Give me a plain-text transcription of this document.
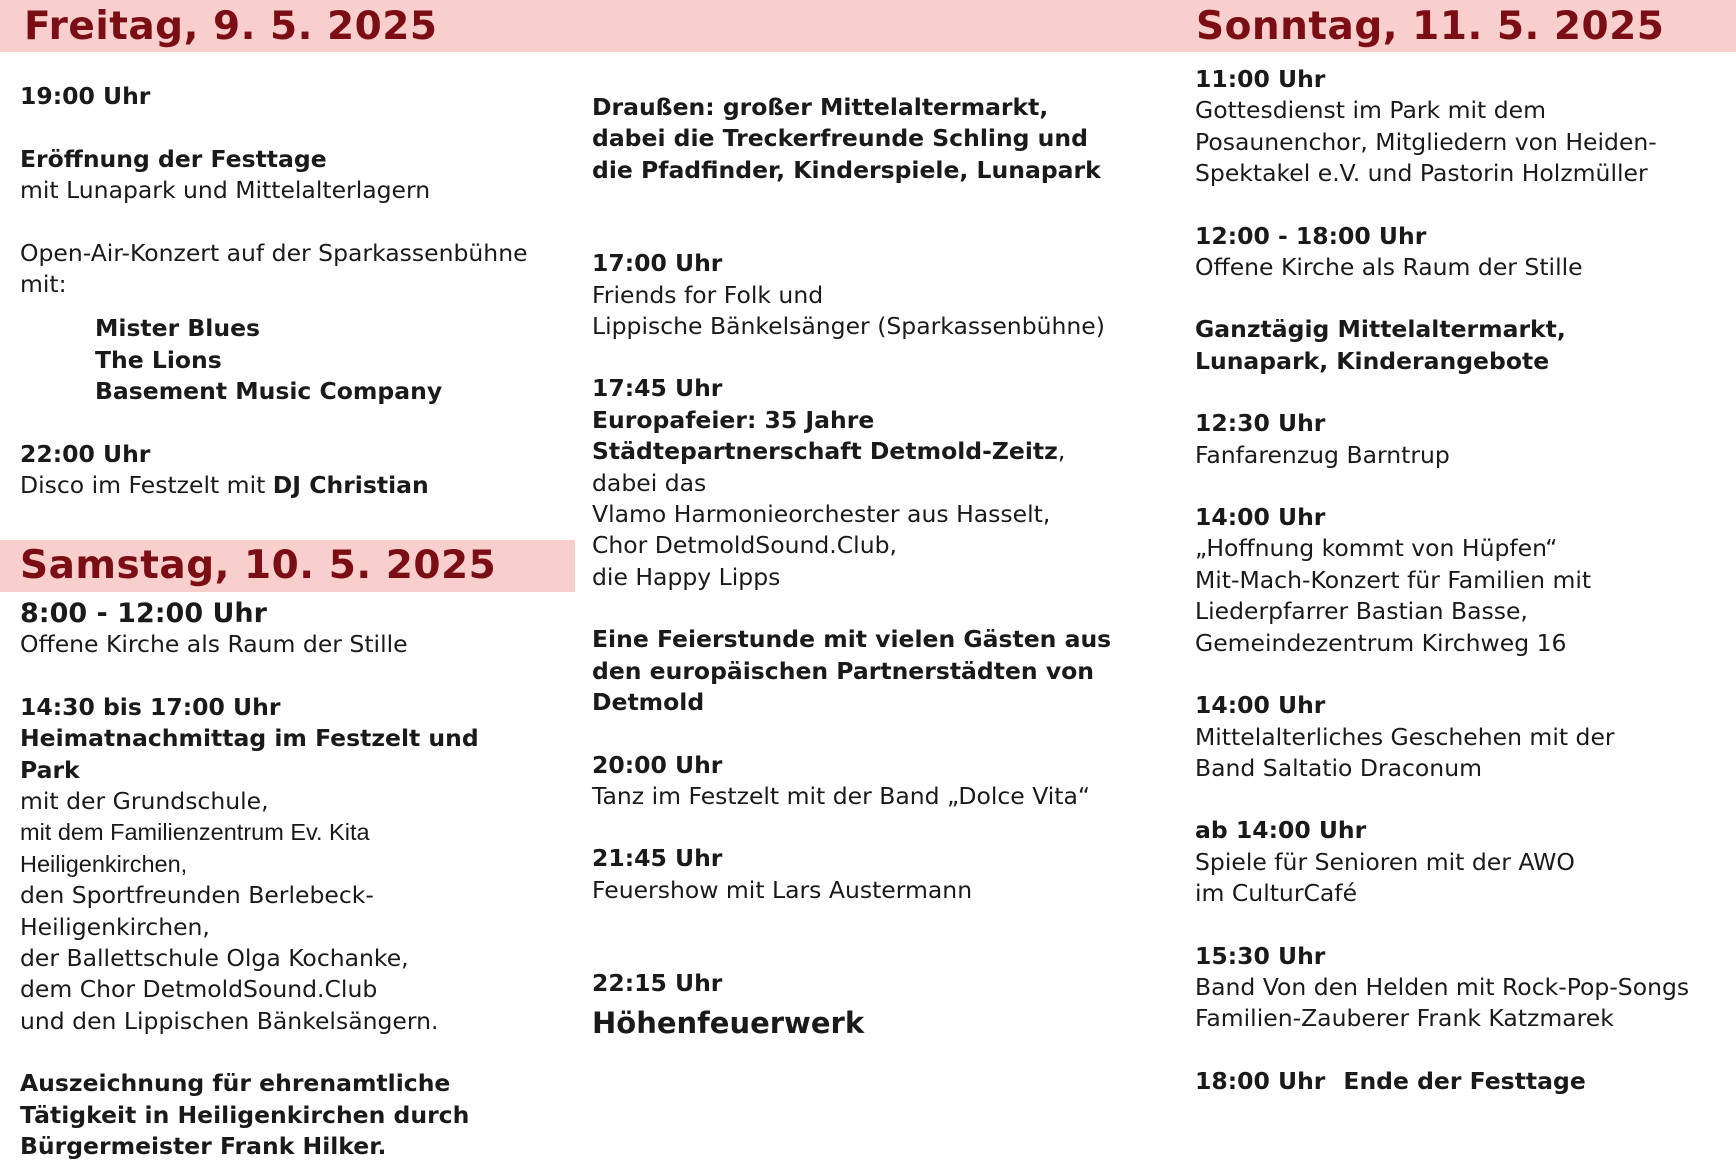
Freitag, 9. 5. 2025	Sonntag, 11. 5. 2025
Samstag, 10. 5. 2025
19:00 Uhr

Eröffnung der Festtage
mit Lunapark und Mittelalterlagern
Open-Air-Konzert auf der Sparkassenbühne
mit:
Mister Blues
The Lions
Basement Music Company
22:00 Uhr
Disco im Festzelt mit DJ Christian
8:00 - 12:00 Uhr
Offene Kirche als Raum der Stille
14:30 bis 17:00 Uhr
Heimatnachmittag im Festzelt und
Park
mit der Grundschule,
mit dem Familienzentrum Ev. Kita
Heiligenkirchen,
den Sportfreunden Berlebeck-
Heiligenkirchen,
der Ballettschule Olga Kochanke,
dem Chor DetmoldSound.Club
und den Lippischen Bänkelsängern.
Auszeichnung für ehrenamtliche
Tätigkeit in Heiligenkirchen durch
Bürgermeister Frank Hilker.
Draußen: großer Mittelaltermarkt,
dabei die Treckerfreunde Schling und
die Pfadfinder, Kinderspiele, Lunapark
17:00 Uhr
Friends for Folk und
Lippische Bänkelsänger (Sparkassenbühne)
17:45 Uhr
Europafeier: 35 Jahre
Städtepartnerschaft Detmold-Zeitz,
dabei das
Vlamo Harmonieorchester aus Hasselt,
Chor DetmoldSound.Club,
die Happy Lipps
Eine Feierstunde mit vielen Gästen aus
den europäischen Partnerstädten von
Detmold
20:00 Uhr
Tanz im Festzelt mit der Band „Dolce Vita“
21:45 Uhr
Feuershow mit Lars Austermann
22:15 Uhr
Höhenfeuerwerk
11:00 Uhr
Gottesdienst im Park mit dem
Posaunenchor, Mitgliedern von Heiden-
Spektakel e.V. und Pastorin Holzmüller
12:00 - 18:00 Uhr
Offene Kirche als Raum der Stille
Ganztägig Mittelaltermarkt,
Lunapark, Kinderangebote
12:30 Uhr
Fanfarenzug Barntrup
14:00 Uhr
„Hoffnung kommt von Hüpfen“
Mit-Mach-Konzert für Familien mit
Liederpfarrer Bastian Basse,
Gemeindezentrum Kirchweg 16
14:00 Uhr
Mittelalterliches Geschehen mit der
Band Saltatio Draconum
ab 14:00 Uhr
Spiele für Senioren mit der AWO
im CulturCafé
15:30 Uhr
Band Von den Helden mit Rock-Pop-Songs
Familien-Zauberer Frank Katzmarek
18:00 Uhr Ende der Festtage
